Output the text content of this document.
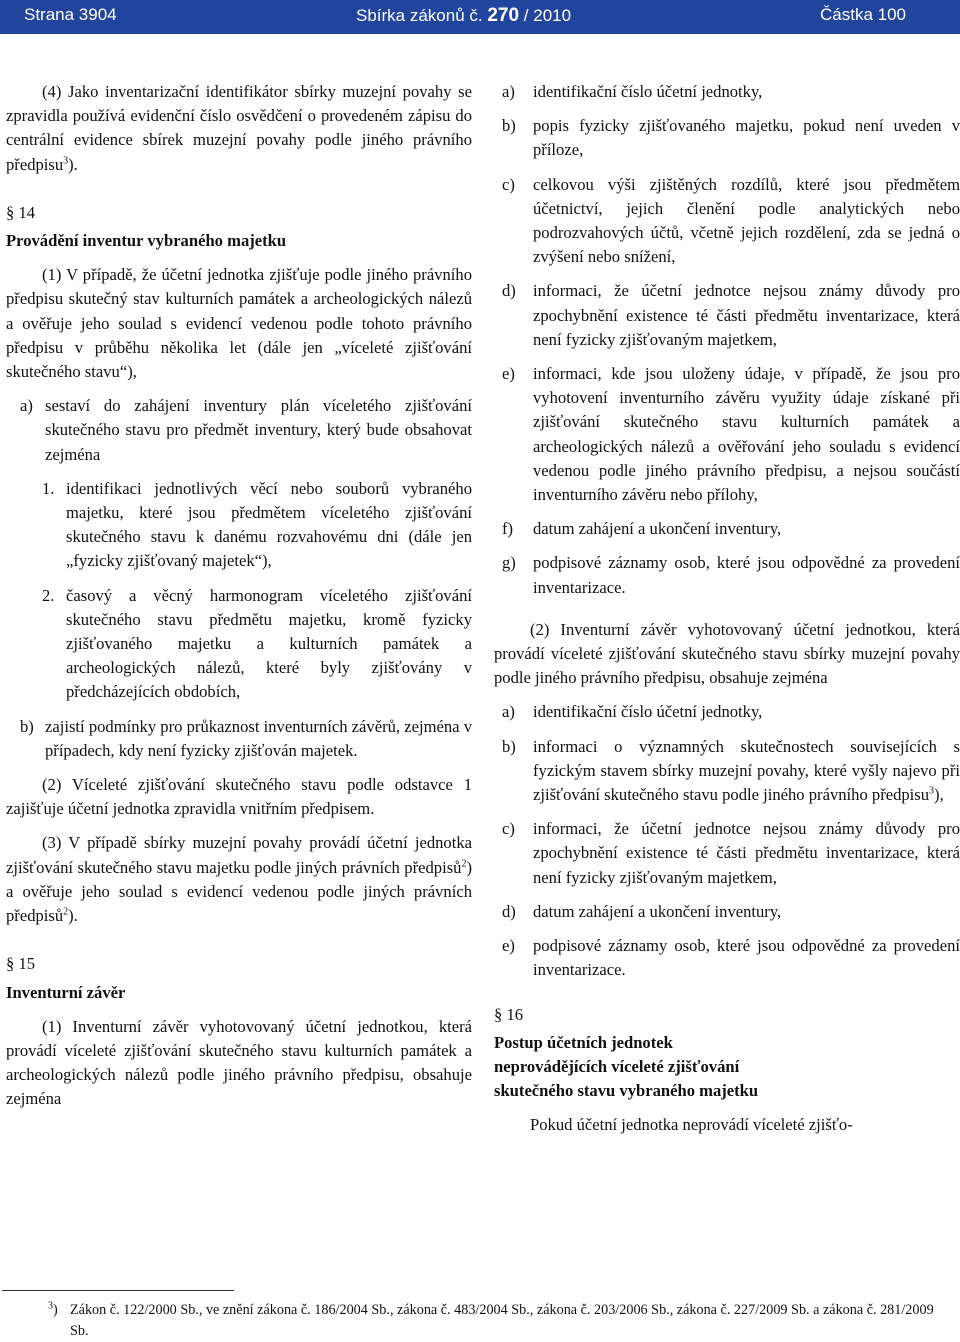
Strana 3904	Sbírka zákonů č. 270 / 2010	Částka 100

(4) Jako inventarizační identifikátor sbírky muzejní povahy se zpravidla používá evidenční číslo osvědčení o provedeném zápisu do centrální evidence sbírek muzejní povahy podle jiného právního předpisu$^3$).

§ 14

Provádění inventur vybraného majetku

(1) V případě, že účetní jednotka zjišťuje podle jiného právního předpisu skutečný stav kulturních památek a archeologických nálezů a ověřuje jeho soulad s evidencí vedenou podle tohoto právního předpisu v průběhu několika let (dále jen „víceleté zjišťování skutečného stavu“),

a) sestaví do zahájení inventury plán víceletého zjišťování skutečného stavu pro předmět inventury, který bude obsahovat zejména
1. identifikaci jednotlivých věcí nebo souborů vybraného majetku, které jsou předmětem víceletého zjišťování skutečného stavu k danému rozvahovému dni (dále jen „fyzicky zjišťovaný majetek“),
2. časový a věcný harmonogram víceletého zjišťování skutečného stavu předmětu majetku, kromě fyzicky zjišťovaného majetku a kulturních památek a archeologických nálezů, které byly zjišťovány v předcházejících obdobích,
b) zajistí podmínky pro průkaznost inventurních závěrů, zejména v případech, kdy není fyzicky zjišťován majetek.

(2) Víceleté zjišťování skutečného stavu podle odstavce 1 zajišťuje účetní jednotka zpravidla vnitřním předpisem.

(3) V případě sbírky muzejní povahy provádí účetní jednotka zjišťování skutečného stavu majetku podle jiných právních předpisů$^2$) a ověřuje jeho soulad s evidencí vedenou podle jiných právních předpisů$^2$).

§ 15

Inventurní závěr

(1) Inventurní závěr vyhotovovaný účetní jednotkou, která provádí víceleté zjišťování skutečného stavu kulturních památek a archeologických nálezů podle jiného právního předpisu, obsahuje zejména

a)	identifikační číslo účetní jednotky,
b)	popis fyzicky zjišťovaného majetku, pokud není uveden v příloze,
c)	celkovou výši zjištěných rozdílů, které jsou předmětem účetnictví, jejich členění podle analytických nebo podrozvahových účtů, včetně jejich rozdělení, zda se jedná o zvýšení nebo snížení,
d)	informaci, že účetní jednotce nejsou známy důvody pro zpochybnění existence té části předmětu inventarizace, která není fyzicky zjišťovaným majetkem,
e)	informaci, kde jsou uloženy údaje, v případě, že jsou pro vyhotovení inventurního závěru využity údaje získané při zjišťování skutečného stavu kulturních památek a archeologických nálezů a ověřování jeho souladu s evidencí vedenou podle jiného právního předpisu, a nejsou součástí inventurního závěru nebo přílohy,
f)	datum zahájení a ukončení inventury,
g)	podpisové záznamy osob, které jsou odpovědné za provedení inventarizace.

(2) Inventurní závěr vyhotovovaný účetní jednotkou, která provádí víceleté zjišťování skutečného stavu sbírky muzejní povahy podle jiného právního předpisu, obsahuje zejména

a)	identifikační číslo účetní jednotky,
b)	informaci o významných skutečnostech souvisejících s fyzickým stavem sbírky muzejní povahy, které vyšly najevo při zjišťování skutečného stavu podle jiného právního předpisu$^3$),
c)	informaci, že účetní jednotce nejsou známy důvody pro zpochybnění existence té části předmětu inventarizace, která není fyzicky zjišťovaným majetkem,
d)	datum zahájení a ukončení inventury,
e)	podpisové záznamy osob, které jsou odpovědné za provedení inventarizace.

§ 16

Postup účetních jednotek

neprovádějících víceleté zjišťování

skutečného stavu vybraného majetku

Pokud účetní jednotka neprovádí víceleté zjišťo-

$^3$) Zákon č. 122/2000 Sb., ve znění zákona č. 186/2004 Sb., zákona č. 483/2004 Sb., zákona č. 203/2006 Sb., zákona č. 227/2009 Sb. a zákona č. 281/2009 Sb.
